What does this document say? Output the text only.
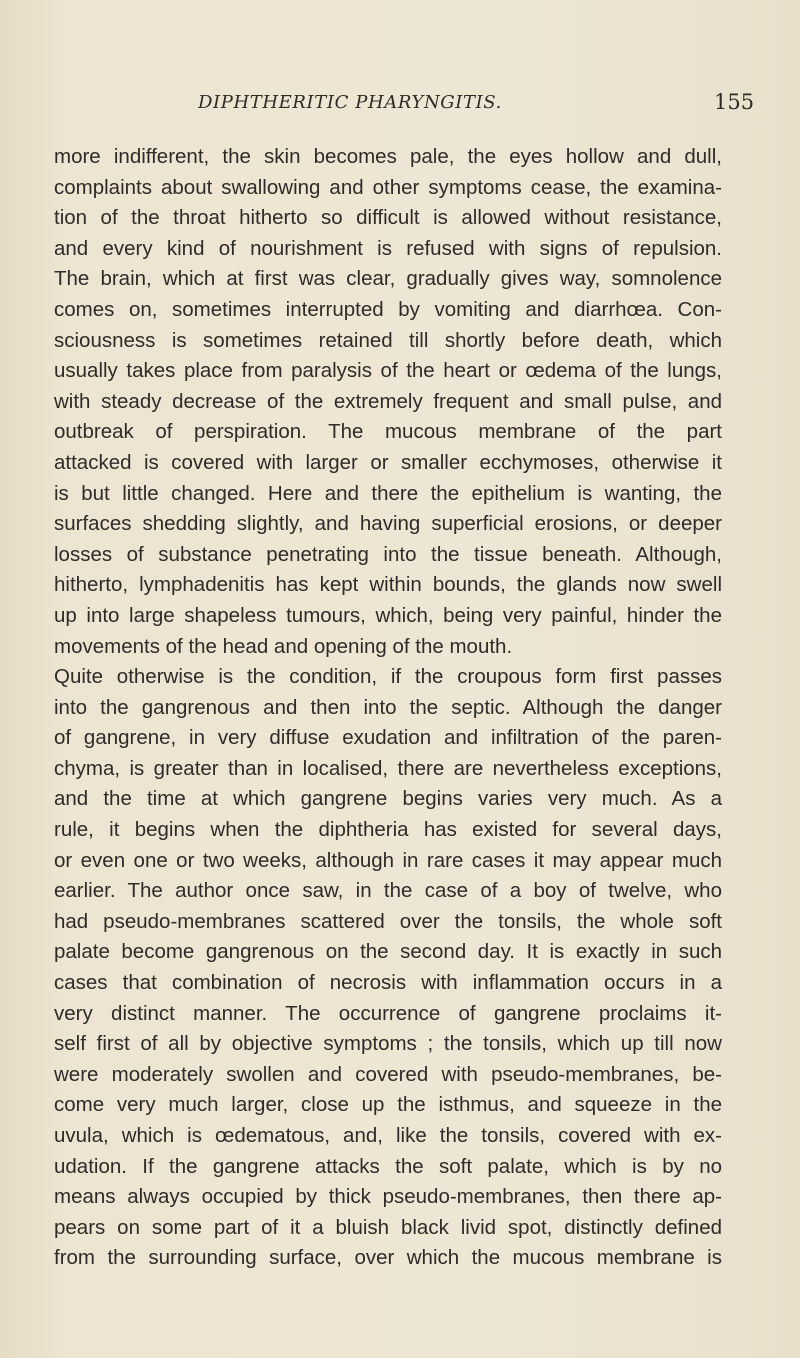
DIPHTHERITIC PHARYNGITIS.	155
more indifferent, the skin becomes pale, the eyes hollow and dull,
complaints about swallowing and other symptoms cease, the examina-
tion of the throat hitherto so difficult is allowed without resistance,
and every kind of nourishment is refused with signs of repulsion.
The brain, which at first was clear, gradually gives way, somnolence
comes on, sometimes interrupted by vomiting and diarrhœa. Con-
sciousness is sometimes retained till shortly before death, which
usually takes place from paralysis of the heart or œdema of the lungs,
with steady decrease of the extremely frequent and small pulse, and
outbreak of perspiration. The mucous membrane of the part
attacked is covered with larger or smaller ecchymoses, otherwise it
is but little changed. Here and there the epithelium is wanting, the
surfaces shedding slightly, and having superficial erosions, or deeper
losses of substance penetrating into the tissue beneath. Although,
hitherto, lymphadenitis has kept within bounds, the glands now swell
up into large shapeless tumours, which, being very painful, hinder the
movements of the head and opening of the mouth.
Quite otherwise is the condition, if the croupous form first passes
into the gangrenous and then into the septic. Although the danger
of gangrene, in very diffuse exudation and infiltration of the paren-
chyma, is greater than in localised, there are nevertheless exceptions,
and the time at which gangrene begins varies very much. As a
rule, it begins when the diphtheria has existed for several days,
or even one or two weeks, although in rare cases it may appear much
earlier. The author once saw, in the case of a boy of twelve, who
had pseudo-membranes scattered over the tonsils, the whole soft
palate become gangrenous on the second day. It is exactly in such
cases that combination of necrosis with inflammation occurs in a
very distinct manner. The occurrence of gangrene proclaims it-
self first of all by objective symptoms ; the tonsils, which up till now
were moderately swollen and covered with pseudo-membranes, be-
come very much larger, close up the isthmus, and squeeze in the
uvula, which is œdematous, and, like the tonsils, covered with ex-
udation. If the gangrene attacks the soft palate, which is by no
means always occupied by thick pseudo-membranes, then there ap-
pears on some part of it a bluish black livid spot, distinctly defined
from the surrounding surface, over which the mucous membrane is
